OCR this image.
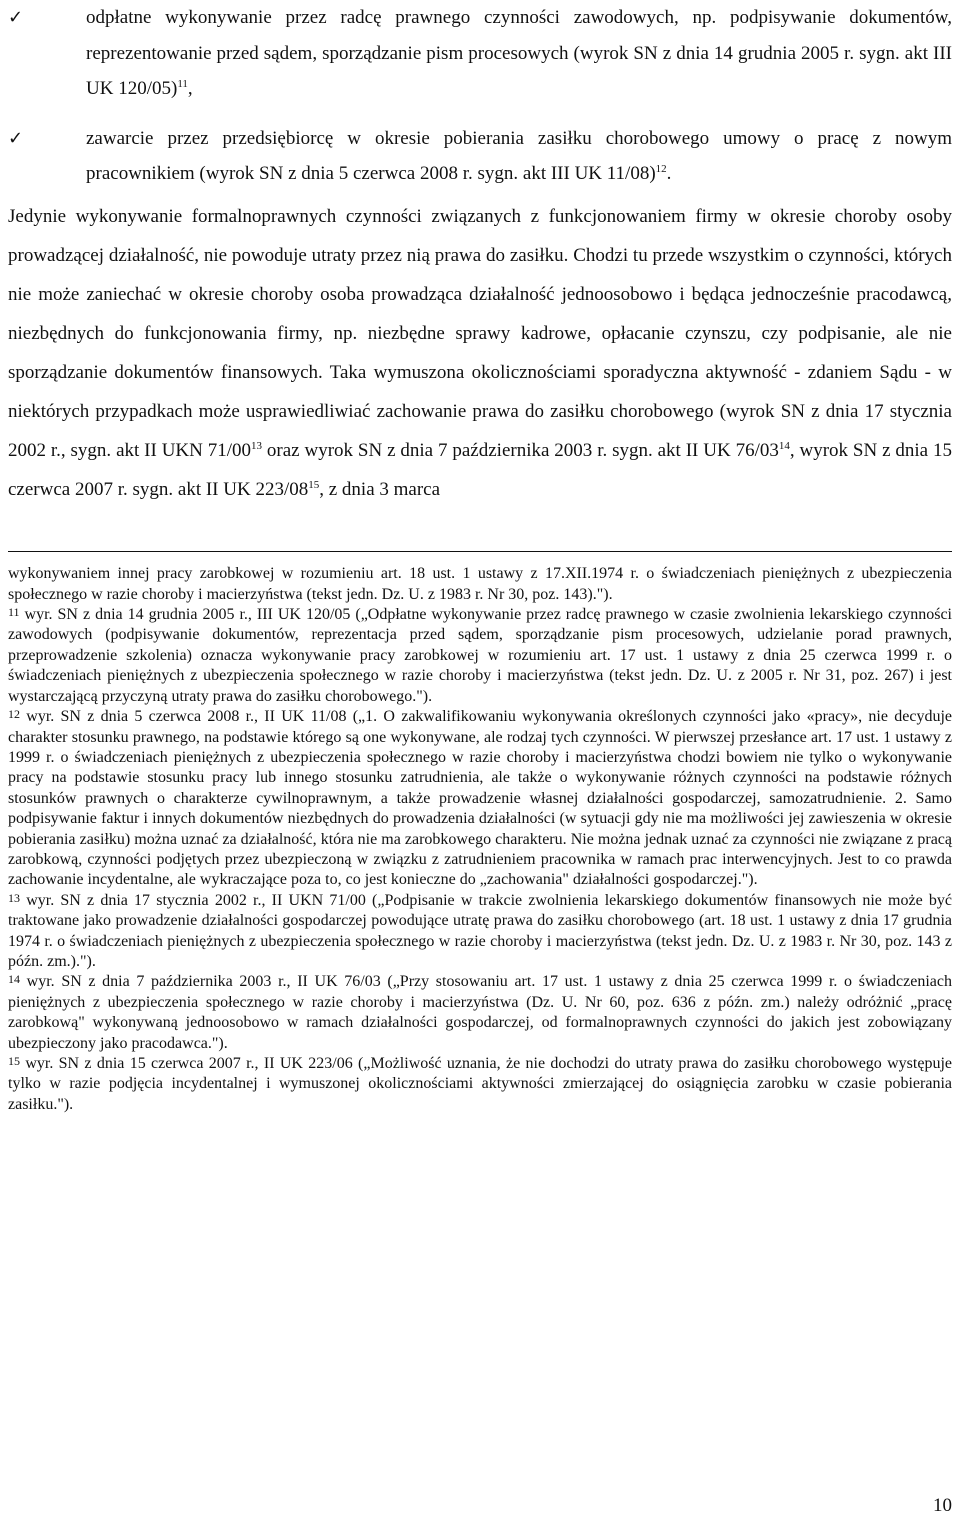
✓	odpłatne wykonywanie przez radcę prawnego czynności zawodowych, np. podpisywanie dokumentów, reprezentowanie przed sądem, sporządzanie pism procesowych (wyrok SN z dnia 14 grudnia 2005 r. sygn. akt III UK 120/05)$^{11}$,
✓	zawarcie przez przedsiębiorcę w okresie pobierania zasiłku chorobowego umowy o pracę z nowym pracownikiem (wyrok SN z dnia 5 czerwca 2008 r. sygn. akt III UK 11/08)$^{12}$.

Jedynie wykonywanie formalnoprawnych czynności związanych z funkcjonowaniem firmy w okresie choroby osoby prowadzącej działalność, nie powoduje utraty przez nią prawa do zasiłku. Chodzi tu przede wszystkim o czynności, których nie może zaniechać w okresie choroby osoba prowadząca działalność jednoosobowo i będąca jednocześnie pracodawcą, niezbędnych do funkcjonowania firmy, np. niezbędne sprawy kadrowe, opłacanie czynszu, czy podpisanie, ale nie sporządzanie dokumentów finansowych. Taka wymuszona okolicznościami sporadyczna aktywność - zdaniem Sądu - w niektórych przypadkach może usprawiedliwiać zachowanie prawa do zasiłku chorobowego (wyrok SN z dnia 17 stycznia 2002 r., sygn. akt II UKN $71/00^{13}$ oraz wyrok SN z dnia 7 października 2003 r. sygn. akt II UK $76/03^{14}$, wyrok SN z dnia 15 czerwca 2007 r. sygn. akt II UK $223/08^{15}$, z dnia 3 marca

wykonywaniem innej pracy zarobkowej w rozumieniu art. 18 ust. 1 ustawy z 17.XII.1974 r. o świadczeniach pieniężnych z ubezpieczenia społecznego w razie choroby i macierzyństwa (tekst jedn. Dz. U. z 1983 r. Nr 30, poz. 143).").

$^{11}$ wyr. SN z dnia 14 grudnia 2005 r., III UK 120/05 („Odpłatne wykonywanie przez radcę prawnego w czasie zwolnienia lekarskiego czynności zawodowych (podpisywanie dokumentów, reprezentacja przed sądem, sporządzanie pism procesowych, udzielanie porad prawnych, przeprowadzenie szkolenia) oznacza wykonywanie pracy zarobkowej w rozumieniu art. 17 ust. 1 ustawy z dnia 25 czerwca 1999 r. o świadczeniach pieniężnych z ubezpieczenia społecznego w razie choroby i macierzyństwa (tekst jedn. Dz. U. z 2005 r. Nr 31, poz. 267) i jest wystarczającą przyczyną utraty prawa do zasiłku chorobowego.").

$^{12}$ wyr. SN z dnia 5 czerwca 2008 r., II UK 11/08 („1. O zakwalifikowaniu wykonywania określonych czynności jako «pracy», nie decyduje charakter stosunku prawnego, na podstawie którego są one wykonywane, ale rodzaj tych czynności. W pierwszej przesłance art. 17 ust. 1 ustawy z 1999 r. o świadczeniach pieniężnych z ubezpieczenia społecznego w razie choroby i macierzyństwa chodzi bowiem nie tylko o wykonywanie pracy na podstawie stosunku pracy lub innego stosunku zatrudnienia, ale także o wykonywanie różnych czynności na podstawie różnych stosunków prawnych o charakterze cywilnoprawnym, a także prowadzenie własnej działalności gospodarczej, samozatrudnienie. 2. Samo podpisywanie faktur i innych dokumentów niezbędnych do prowadzenia działalności (w sytuacji gdy nie ma możliwości jej zawieszenia w okresie pobierania zasiłku) można uznać za działalność, która nie ma zarobkowego charakteru. Nie można jednak uznać za czynności nie związane z pracą zarobkową, czynności podjętych przez ubezpieczoną w związku z zatrudnieniem pracownika w ramach prac interwencyjnych. Jest to co prawda zachowanie incydentalne, ale wykraczające poza to, co jest konieczne do „zachowania" działalności gospodarczej.").

$^{13}$ wyr. SN z dnia 17 stycznia 2002 r., II UKN 71/00 („Podpisanie w trakcie zwolnienia lekarskiego dokumentów finansowych nie może być traktowane jako prowadzenie działalności gospodarczej powodujące utratę prawa do zasiłku chorobowego (art. 18 ust. 1 ustawy z dnia 17 grudnia 1974 r. o świadczeniach pieniężnych z ubezpieczenia społecznego w razie choroby i macierzyństwa (tekst jedn. Dz. U. z 1983 r. Nr 30, poz. 143 z późn. zm.).").

$^{14}$ wyr. SN z dnia 7 października 2003 r., II UK 76/03 („Przy stosowaniu art. 17 ust. 1 ustawy z dnia 25 czerwca 1999 r. o świadczeniach pieniężnych z ubezpieczenia społecznego w razie choroby i macierzyństwa (Dz. U. Nr 60, poz. 636 z późn. zm.) należy odróżnić „pracę zarobkową" wykonywaną jednoosobowo w ramach działalności gospodarczej, od formalnoprawnych czynności do jakich jest zobowiązany ubezpieczony jako pracodawca.").

$^{15}$ wyr. SN z dnia 15 czerwca 2007 r., II UK 223/06 („Możliwość uznania, że nie dochodzi do utraty prawa do zasiłku chorobowego występuje tylko w razie podjęcia incydentalnej i wymuszonej okolicznościami aktywności zmierzającej do osiągnięcia zarobku w czasie pobierania zasiłku.").

10
